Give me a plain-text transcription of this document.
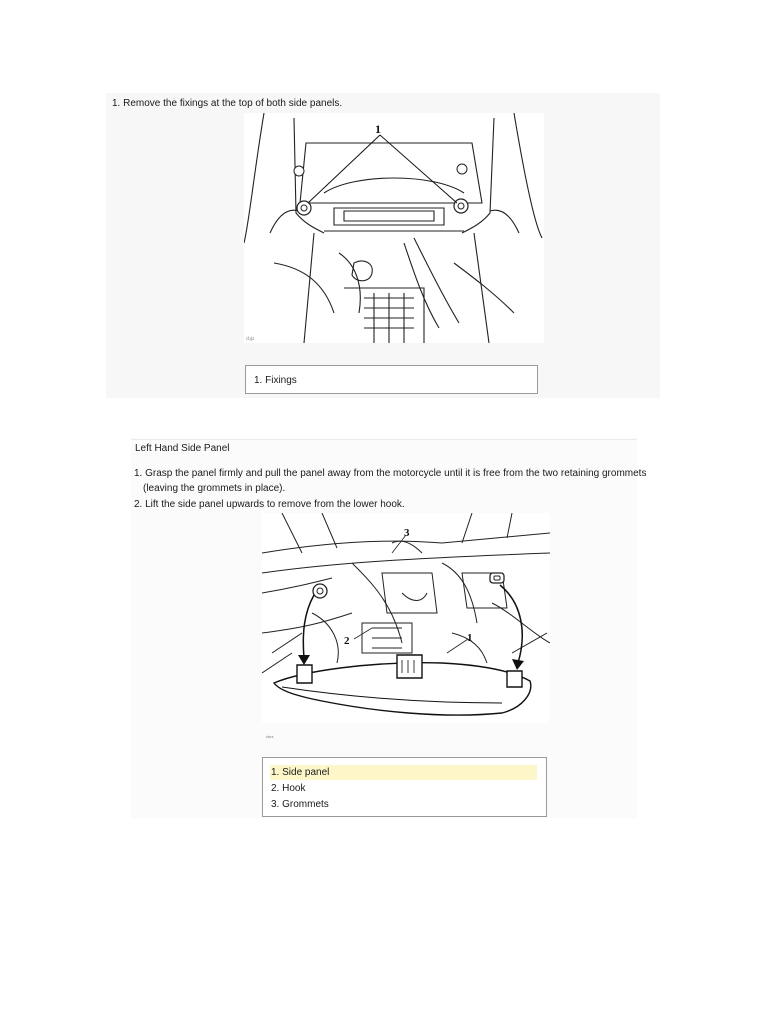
1. Remove the fixings at the top of both side panels.
1
cbjz
1. Fixings
Left Hand Side Panel
1. Grasp the panel firmly and pull the panel away from the motorcycle until it is free from the two retaining grommets
(leaving the grommets in place).
2. Lift the side panel upwards to remove from the lower hook.
1
2
3
cbrz
1. Side panel
2. Hook
3. Grommets
